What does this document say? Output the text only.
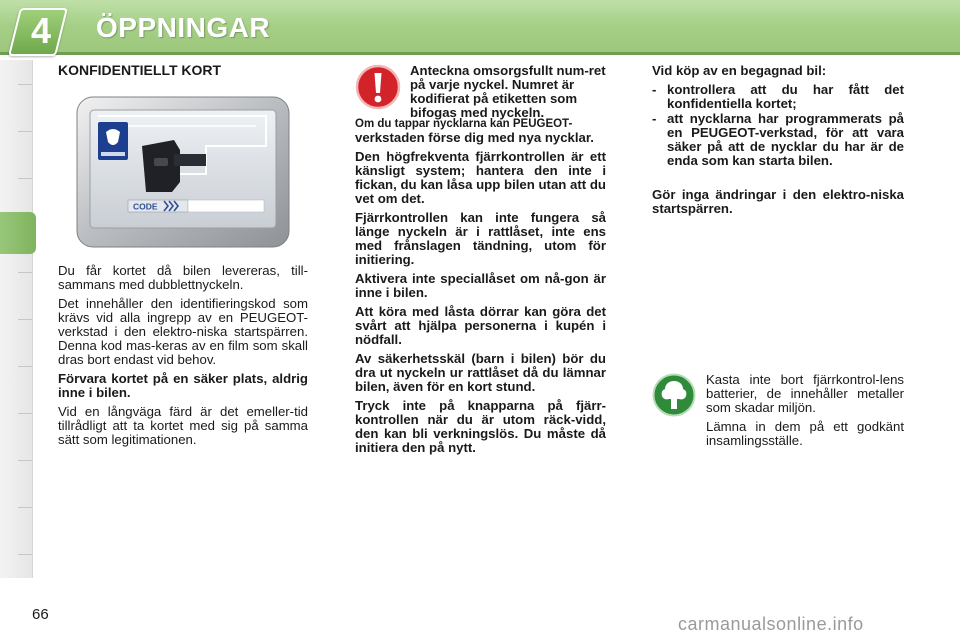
4	ÖPPNINGAR
KONFIDENTIELLT KORT
CODE

Du får kortet då bilen levereras, till-sammans med dubblettnyckeln.

Det innehåller den identifieringskod som krävs vid alla ingrepp av en PEUGEOT-verkstad i den elektro-niska startspärren. Denna kod mas-keras av en film som skall dras bort endast vid behov.

Förvara kortet på en säker plats, aldrig inne i bilen.

Vid en långväga färd är det emeller-tid tillrådligt att ta kortet med sig på samma sätt som legitimationen.

Anteckna omsorgsfullt num-ret på varje nyckel. Numret är kodifierat på etiketten som bifogas med nyckeln.

Om du tappar nycklarna kan PEUGEOT-

verkstaden förse dig med nya nycklar.

Den högfrekventa fjärrkontrollen är ett känsligt system; hantera den inte i fickan, du kan låsa upp bilen utan att du vet om det.

Fjärrkontrollen kan inte fungera så länge nyckeln är i rattlåset, inte ens med frånslagen tändning, utom för initiering.

Aktivera inte speciallåset om nå-gon är inne i bilen.

Att köra med låsta dörrar kan göra det svårt att hjälpa personerna i kupén i nödfall.

Av säkerhetsskäl (barn i bilen) bör du dra ut nyckeln ur rattlåset då du lämnar bilen, även för en kort stund.

Tryck inte på knapparna på fjärr-kontrollen när du är utom räck-vidd, den kan bli verkningslös. Du måste då initiera den på nytt.

Vid köp av en begagnad bil:

- kontrollera att du har fått det konfidentiella kortet;
- att nycklarna har programmerats på en PEUGEOT-verkstad, för att vara säker på att de nycklar du har är de enda som kan starta bilen.

Gör inga ändringar i den elektro-niska startspärren.

Kasta inte bort fjärrkontrol-lens batterier, de innehåller metaller som skadar miljön.

Lämna in dem på ett godkänt insamlingsställe.

66	carmanualsonline.info
